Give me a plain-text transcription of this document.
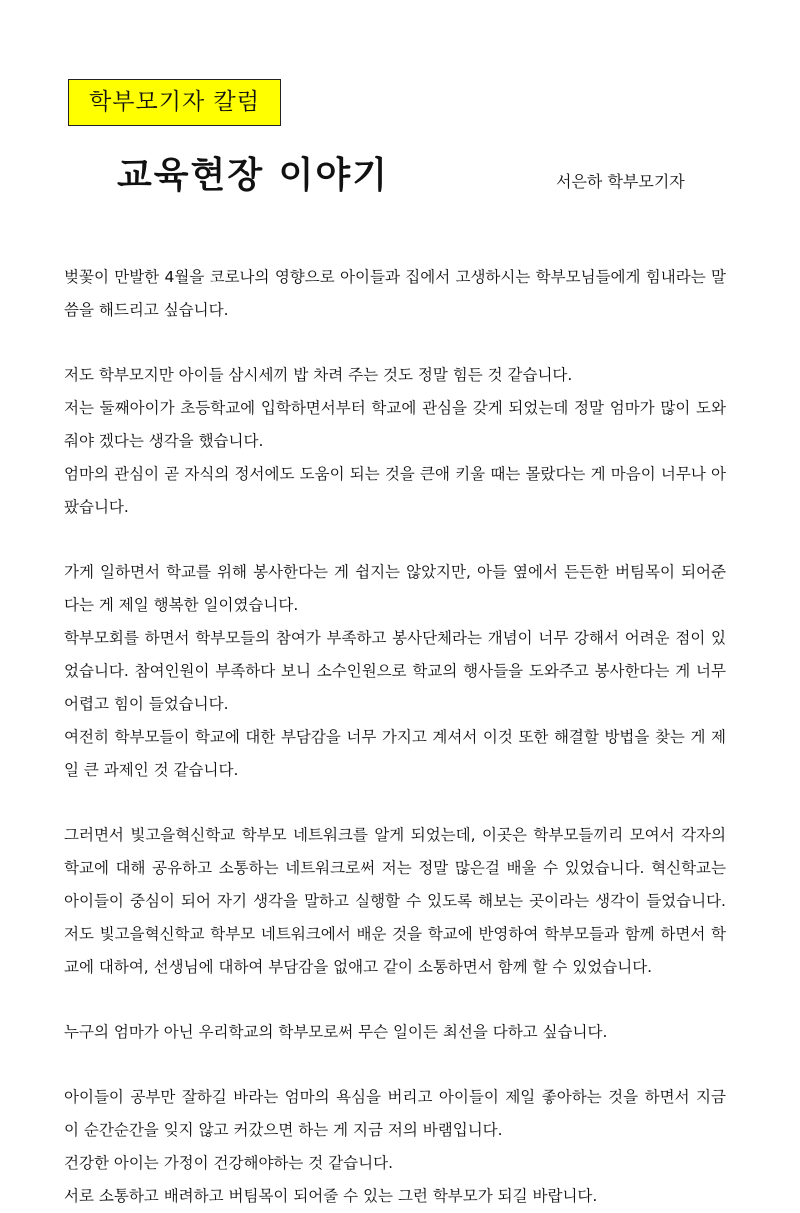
학부모기자 칼럼
교육현장 이야기	서은하 학부모기자

벚꽃이 만발한 4월을 코로나의 영향으로 아이들과 집에서 고생하시는 학부모님들에게 힘내라는 말씀을 해드리고 싶습니다.

저도 학부모지만 아이들 삼시세끼 밥 차려 주는 것도 정말 힘든 것 같습니다.
저는 둘째아이가 초등학교에 입학하면서부터 학교에 관심을 갖게 되었는데 정말 엄마가 많이 도와줘야 겠다는 생각을 했습니다.
엄마의 관심이 곧 자식의 정서에도 도움이 되는 것을 큰애 키울 때는 몰랐다는 게 마음이 너무나 아팠습니다.

가게 일하면서 학교를 위해 봉사한다는 게 쉽지는 않았지만, 아들 옆에서 든든한 버팀목이 되어준다는 게 제일 행복한 일이였습니다.
학부모회를 하면서 학부모들의 참여가 부족하고 봉사단체라는 개념이 너무 강해서 어려운 점이 있었습니다. 참여인원이 부족하다 보니 소수인원으로 학교의 행사들을 도와주고 봉사한다는 게 너무 어렵고 힘이 들었습니다.
여전히 학부모들이 학교에 대한 부담감을 너무 가지고 계셔서 이것 또한 해결할 방법을 찾는 게 제일 큰 과제인 것 같습니다.

그러면서 빛고을혁신학교 학부모 네트워크를 알게 되었는데, 이곳은 학부모들끼리 모여서 각자의 학교에 대해 공유하고 소통하는 네트워크로써 저는 정말 많은걸 배울 수 있었습니다. 혁신학교는 아이들이 중심이 되어 자기 생각을 말하고 실행할 수 있도록 해보는 곳이라는 생각이 들었습니다. 저도 빛고을혁신학교 학부모 네트워크에서 배운 것을 학교에 반영하여 학부모들과 함께 하면서 학교에 대하여, 선생님에 대하여 부담감을 없애고 같이 소통하면서 함께 할 수 있었습니다.

누구의 엄마가 아닌 우리학교의 학부모로써 무슨 일이든 최선을 다하고 싶습니다.

아이들이 공부만 잘하길 바라는 엄마의 욕심을 버리고 아이들이 제일 좋아하는 것을 하면서 지금 이 순간순간을 잊지 않고 커갔으면 하는 게 지금 저의 바램입니다.
건강한 아이는 가정이 건강해야하는 것 같습니다.
서로 소통하고 배려하고 버팀목이 되어줄 수 있는 그런 학부모가 되길 바랍니다.
